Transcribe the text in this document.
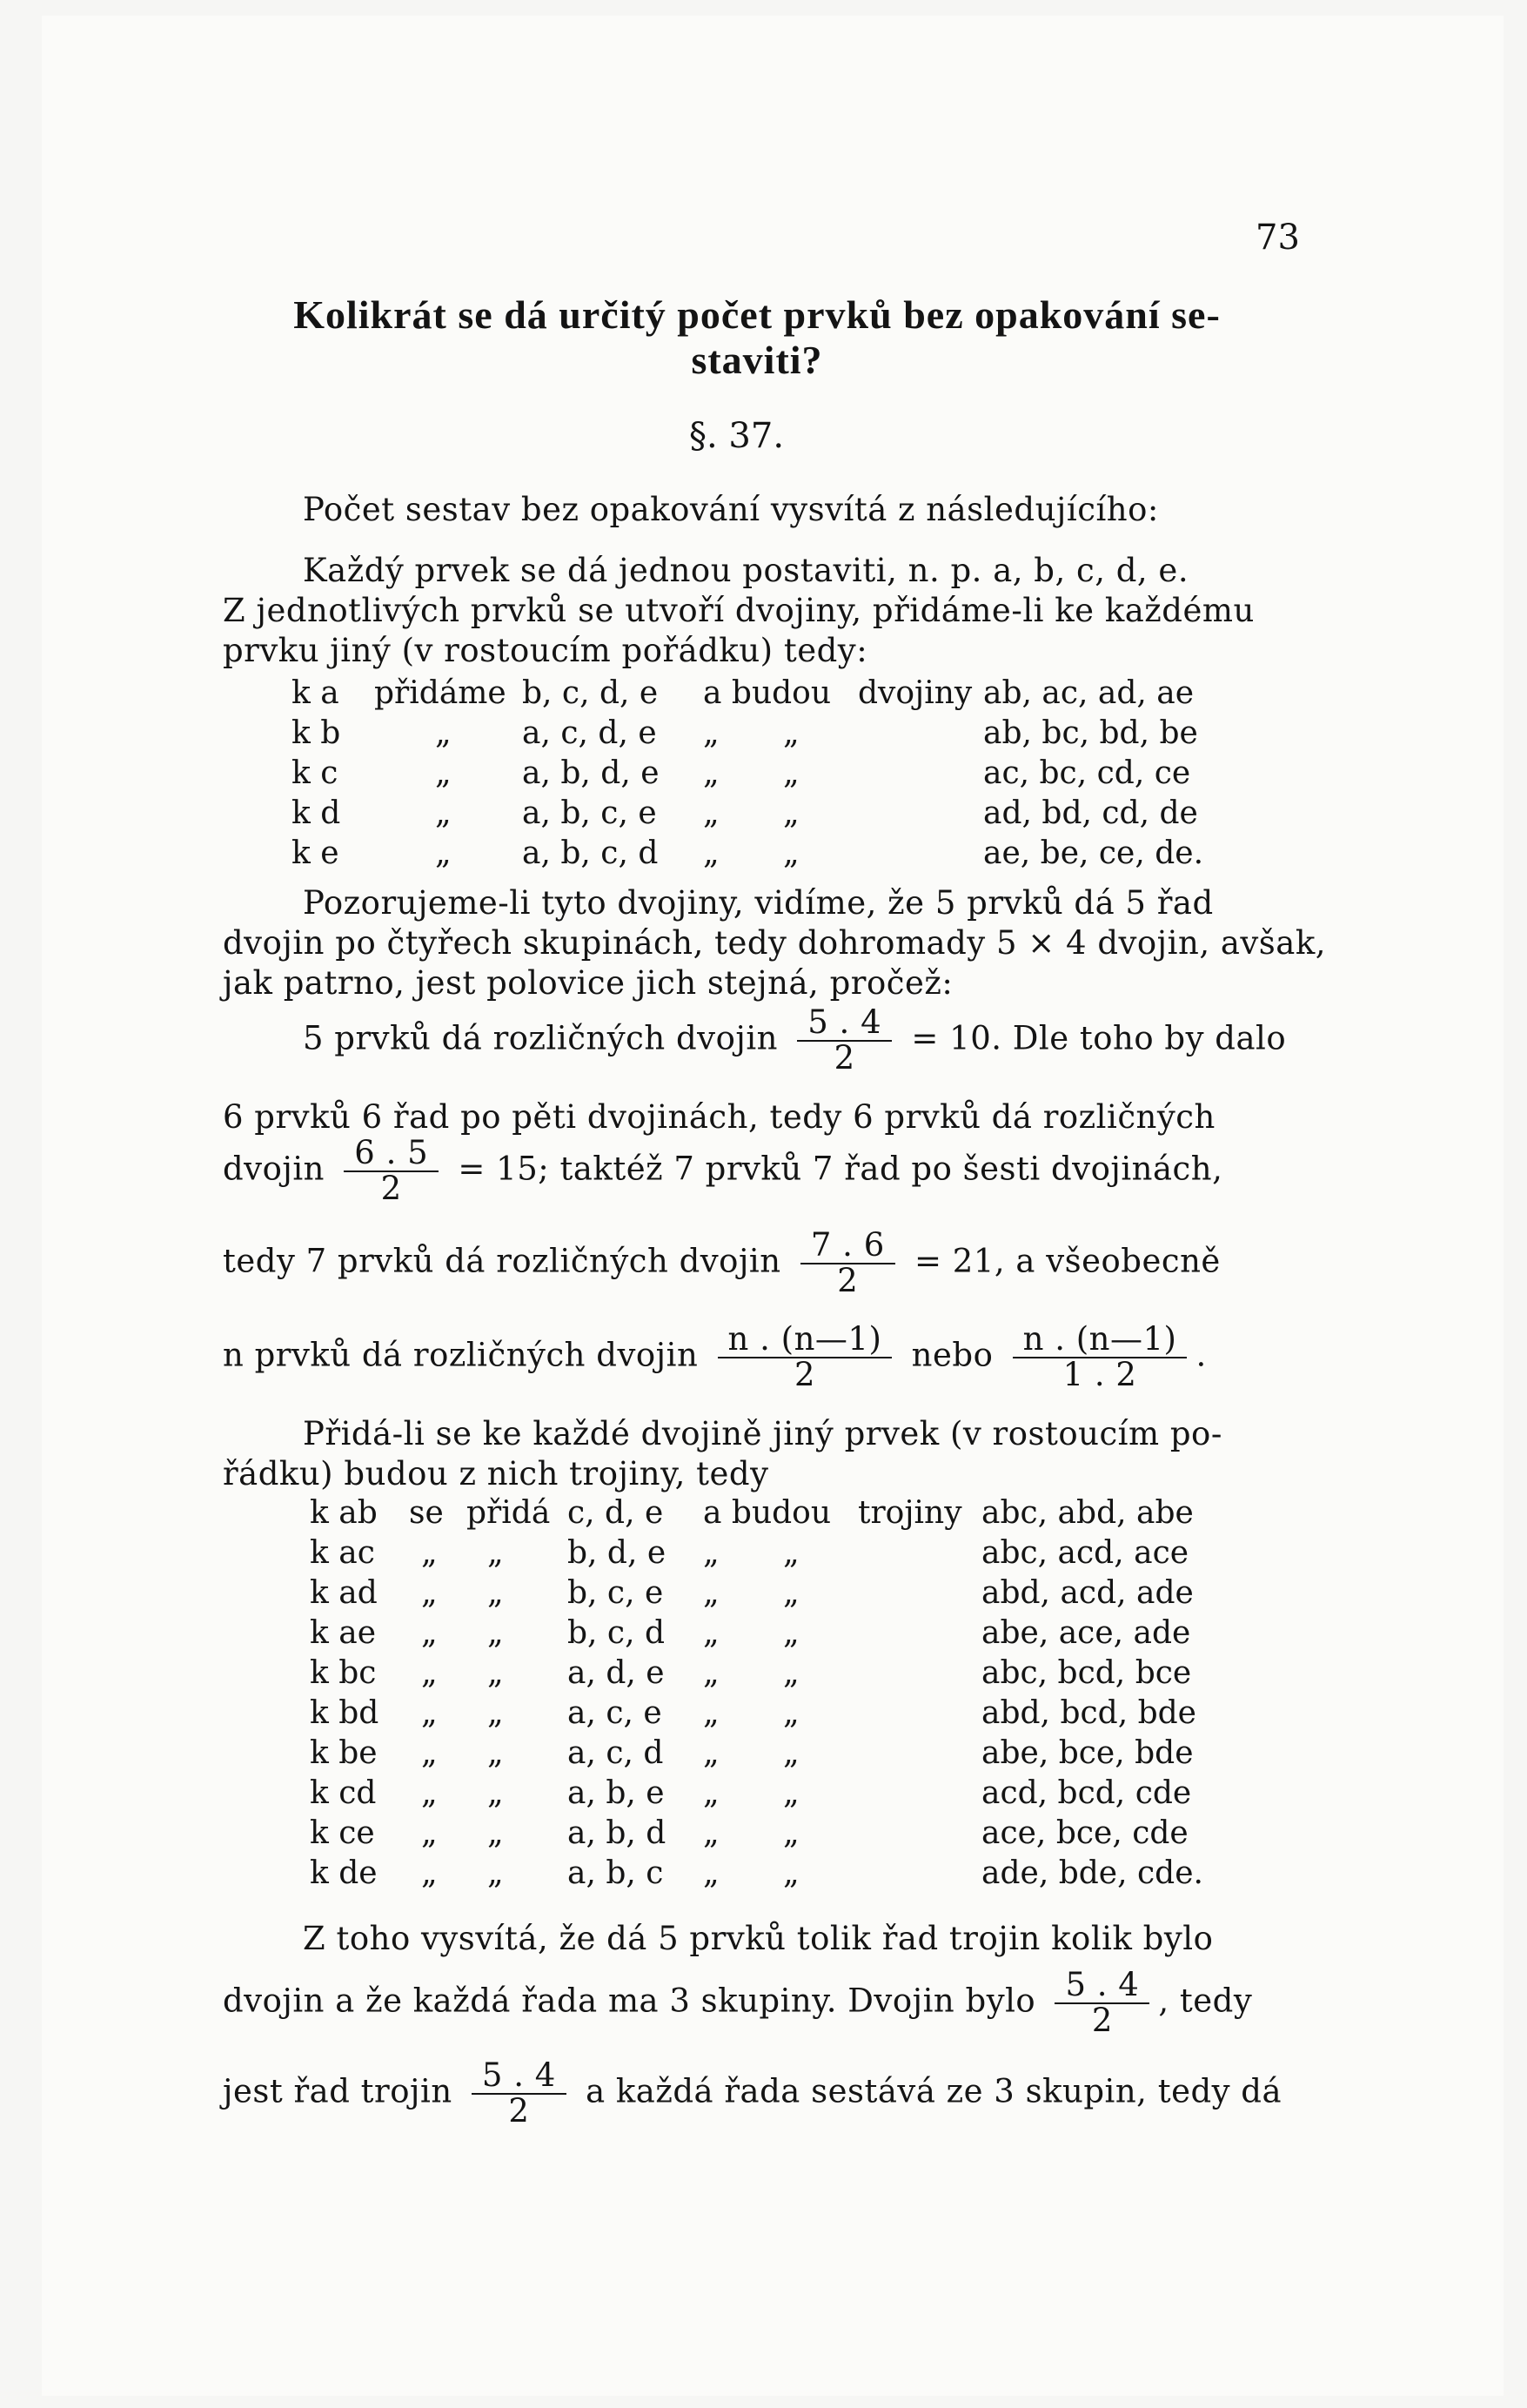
73
Kolikrát se dá určitý počet prvků bez opakování se-
staviti?
§. 37.
Počet sestav bez opakování vysvítá z následujícího:
Každý prvek se dá jednou postaviti, n. p. a, b, c, d, e.
Z jednotlivých prvků se utvoří dvojiny, přidáme-li ke každému
prvku jiný (v rostoucím pořádku) tedy:
k a přidáme b, c, d, e a budou dvojiny ab, ac, ad, ae
k b	„ a, c, d, e „ „	ab, bc, bd, be
k c	„ a, b, d, e „ „	ac, bc, cd, ce
k d	„ a, b, c, e „ „	ad, bd, cd, de
k e	„ a, b, c, d „ „	ae, be, ce, de.
Pozorujeme-li tyto dvojiny, vidíme, že 5 prvků dá 5 řad
dvojin po čtyřech skupinách, tedy dohromady 5 × 4 dvojin, avšak,
jak patrno, jest polovice jich stejná, pročež:
5 prvků dá rozličných dvojin $\frac{5 . 4}{2} = 10$. Dle toho by dalo
6 prvků 6 řad po pěti dvojinách, tedy 6 prvků dá rozličných
dvojin $\frac{6 . 5}{2} = 15$; taktéž 7 prvků 7 řad po šesti dvojinách,
tedy 7 prvků dá rozličných dvojin $\frac{7 . 6}{2} = 21$, a všeobecně
n prvků dá rozličných dvojin $\frac{n . (n—1)}{2}$ nebo $\frac{n . (n—1)}{1 . 2}$ .
Přidá-li se ke každé dvojině jiný prvek (v rostoucím po-
řádku) budou z nich trojiny, tedy
k ab se přidá c, d, e a budou trojiny abc, abd, abe
k ac „ „ b, d, e „ „	abc, acd, ace
k ad „ „ b, c, e „ „	abd, acd, ade
k ae „ „ b, c, d „ „	abe, ace, ade
k bc „ „ a, d, e „ „	abc, bcd, bce
k bd „ „ a, c, e „ „	abd, bcd, bde
k be „ „ a, c, d „ „	abe, bce, bde
k cd „ „ a, b, e „ „	acd, bcd, cde
k ce „ „ a, b, d „ „	ace, bce, cde
k de „ „ a, b, c „ „	ade, bde, cde.
Z toho vysvítá, že dá 5 prvků tolik řad trojin kolik bylo
dvojin a že každá řada ma 3 skupiny. Dvojin bylo $\frac{5 . 4}{2}$ , tedy
jest řad trojin $\frac{5 . 4}{2}$ a každá řada sestává ze 3 skupin, tedy dá
